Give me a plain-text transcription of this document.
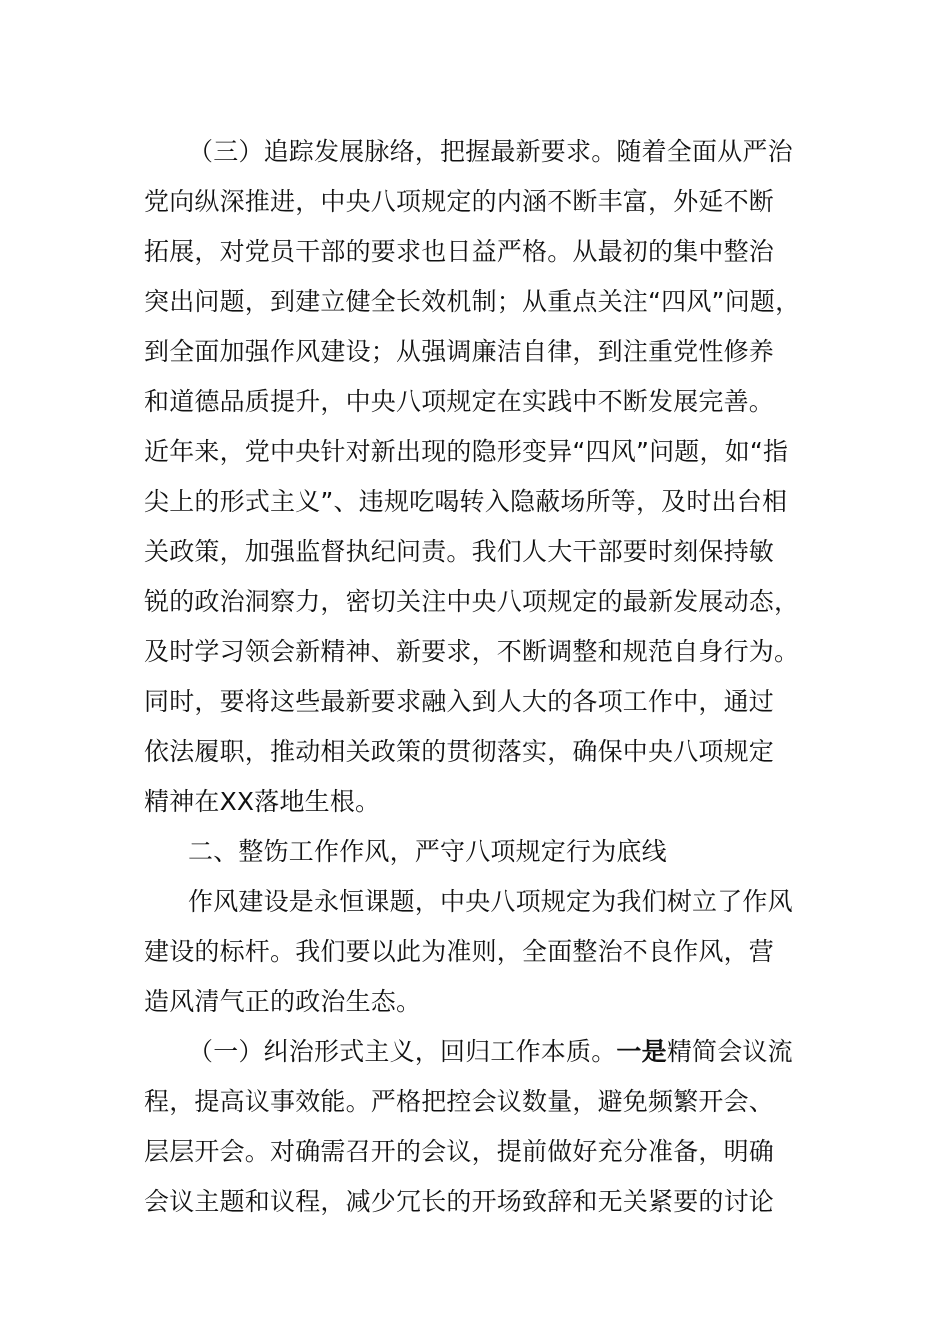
（三）追踪发展脉络，把握最新要求。随着全面从严治
党向纵深推进，中央八项规定的内涵不断丰富，外延不断
拓展，对党员干部的要求也日益严格。从最初的集中整治
突出问题，到建立健全长效机制；从重点关注“四风”问题，
到全面加强作风建设；从强调廉洁自律，到注重党性修养
和道德品质提升，中央八项规定在实践中不断发展完善。
近年来，党中央针对新出现的隐形变异“四风”问题，如“指
尖上的形式主义”、违规吃喝转入隐蔽场所等，及时出台相
关政策，加强监督执纪问责。我们人大干部要时刻保持敏
锐的政治洞察力，密切关注中央八项规定的最新发展动态，
及时学习领会新精神、新要求，不断调整和规范自身行为。
同时，要将这些最新要求融入到人大的各项工作中，通过
依法履职，推动相关政策的贯彻落实，确保中央八项规定
精神在XX落地生根。
二、整饬工作作风，严守八项规定行为底线
作风建设是永恒课题，中央八项规定为我们树立了作风
建设的标杆。我们要以此为准则，全面整治不良作风，营
造风清气正的政治生态。
（一）纠治形式主义，回归工作本质。一是精简会议流
程，提高议事效能。严格把控会议数量，避免频繁开会、
层层开会。对确需召开的会议，提前做好充分准备，明确
会议主题和议程，减少冗长的开场致辞和无关紧要的讨论
